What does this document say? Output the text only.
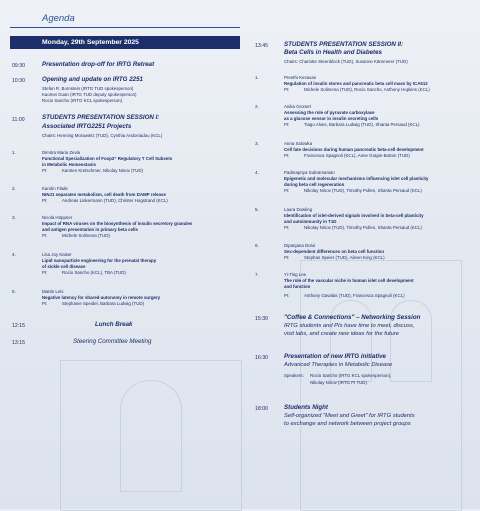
Agenda
Monday, 29th September 2025
09:30	Presentation drop-off for IRTG Retreat
10:30	Opening and update on IRTG 2251
Stefan R. Bornstein (IRTG TUD spokesperson)
Kaomei Guan (IRTG TUD deputy spokesperson)
Rocio Sancho (IRTG KCL spokesperson)
11:00	STUDENTS PRESENTATION SESSION I:
Associated IRTG2251 Projects
Chairs: Henning Morawietz (TUD), Cynthia Andoniadou (KCL)
1.	Dimitra Maria Zevla
Functional Specialization of Foxp3⁺ Regulatory T Cell Subsets
in Metabolic Homeostasis
PI:	Karsten Kretschmer, Nikolay Ninov (TUD)
2.	Karolin Flade
NINJ1 separates metabolism, cell death from DAMP release
PI:	Andreas Linkermann (TUD), Christer Hogstrand (KCL)
3.	Nicola Höppner
Impact of RNA viruses on the biosynthesis of insulin secretory granules
and antigen presentation in primary beta cells
PI:	Michele Solimena (TUD)
4.	Lisa Joy Kaiser
Lipid nanoparticle engineering for the prenatal therapy
of sickle cell disease
PI:	Rocio Sancho (KCL), TBA (TUD)
5.	Martin Leis
Negative latency for shared-autonomy in remote surgery
PI:	Stephanie Speidel, Barbara Ludwig (TUD)
12:15	Lunch Break
13:15	Steering Committee Meeting
13:45	STUDENTS PRESENTATION SESSION II:
Beta Cells in Health and Diabetes
Chairs: Charlotte Steenblock (TUD), Susanne Kämmerer (TUD)
1.	Preethi Kesavan
Regulation of insulin stores and pancreatic beta cell mass by ICA512
PI:	Michele Solimena (TUD), Rocio Sancho, Anthony Hopkins (KCL)
2.	Anika Gronert
Assessing the role of pyruvate carboxylase
as a glucose sensor in insulin secreting cells
PI:	Tiago Alves, Barbara Ludwig (TUD), Shanta Persaud (KCL)
3.	Anna Salowka
Cell fate decisions during human pancreatic beta-cell development
PI:	Francesca Spagnoli (KCL), Anne Grapin-Botton (TUD)
4.	Padmapriya Subramanian
Epigenetic and molecular mechanisms influencing islet cell plasticity
during beta cell regeneration
PI:	Nikolay Ninov (TUD), Timothy Pullen, Shanta Persaud (KCL)
5.	Laura Dowling
Identification of islet-derived signals involved in beta-cell plasticity
and autoimmunity in T1D
PI:	Nikolay Ninov (TUD), Timothy Pullen, Shanta Persaud (KCL)
6.	Dipanjana Dolui
Sex-dependent differences on beta cell function
PI:	Stephan Speier (TUD), Aileen King (KCL)
7.	Yi-Ting Lee
The role of the vascular niche in human islet cell development
and function
PI:	Anthony Gavalas (TUD), Francesca Spagnoli (KCL)
15:30	"Coffee & Connections" – Networking Session
IRTG students and PIs have time to meet, discuss,
visit labs, and create new ideas for the future
16:30	Presentation of new IRTG initiative
Advanced Therapies in Metabolic Disease
Speakers: Rocio Sancho (IRTG KCL spokesperson),
Nikolay Ninov (IRTG PI TUD)
18:00	Students Night
Self-organized "Meet and Greet" for IRTG students
to exchange and network between project groups
